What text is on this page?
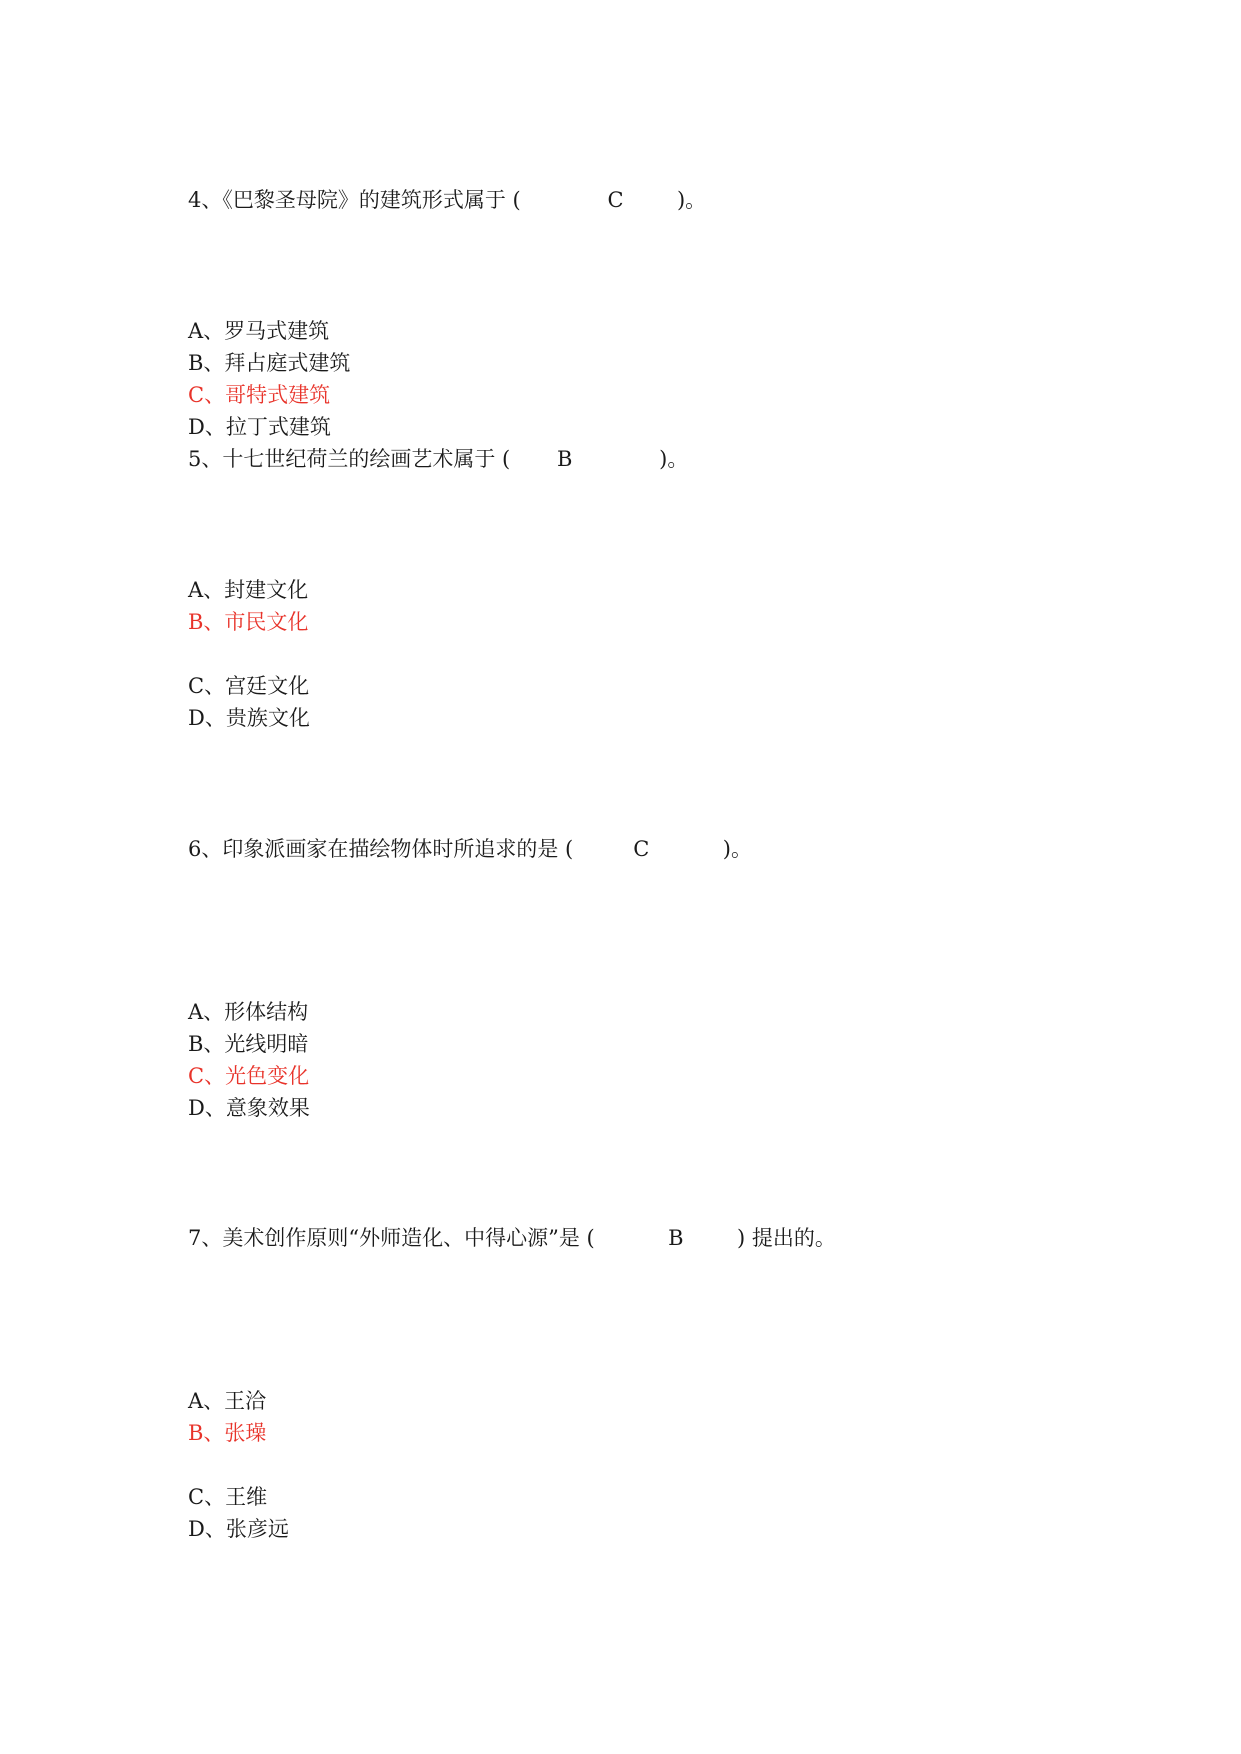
4、《巴黎圣母院》的建筑形式属于 (             C        )。
A、罗马式建筑
B、拜占庭式建筑
C、哥特式建筑
D、拉丁式建筑
5、十七世纪荷兰的绘画艺术属于 (       B             )。
A、封建文化
B、市民文化
C、宫廷文化
D、贵族文化
6、印象派画家在描绘物体时所追求的是 (         C           )。
A、形体结构
B、光线明暗
C、光色变化
D、意象效果
7、美术创作原则“外师造化、中得心源”是 (           B        ) 提出的。
A、王洽
B、张璪
C、王维
D、张彦远
